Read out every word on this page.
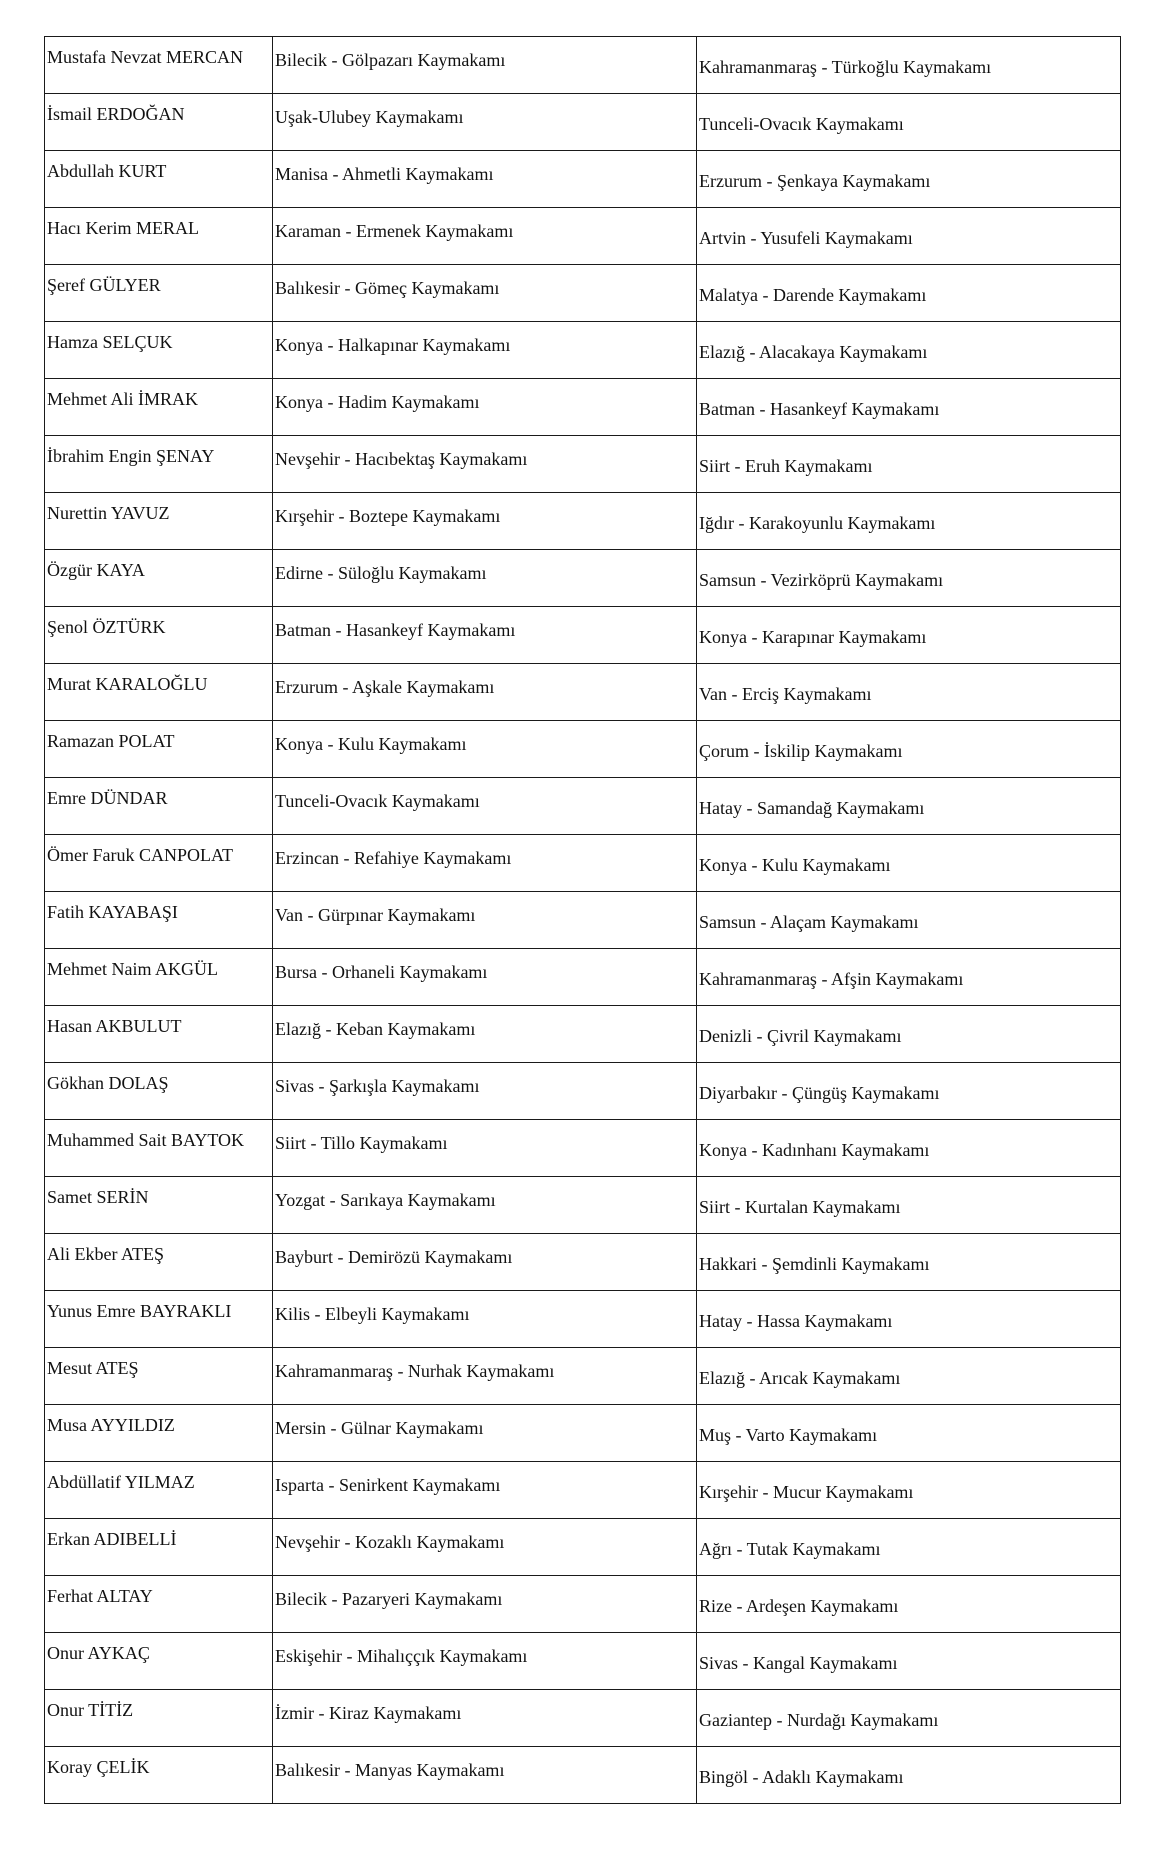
Mustafa Nevzat MERCAN	Bilecik - Gölpazarı Kaymakamı	Kahramanmaraş - Türkoğlu Kaymakamı
İsmail ERDOĞAN	Uşak-Ulubey Kaymakamı	Tunceli-Ovacık Kaymakamı
Abdullah KURT	Manisa - Ahmetli Kaymakamı	Erzurum - Şenkaya Kaymakamı
Hacı Kerim MERAL	Karaman - Ermenek Kaymakamı	Artvin - Yusufeli Kaymakamı
Şeref GÜLYER	Balıkesir - Gömeç Kaymakamı	Malatya - Darende Kaymakamı
Hamza SELÇUK	Konya - Halkapınar Kaymakamı	Elazığ - Alacakaya Kaymakamı
Mehmet Ali İMRAK	Konya - Hadim Kaymakamı	Batman - Hasankeyf Kaymakamı
İbrahim Engin ŞENAY	Nevşehir - Hacıbektaş Kaymakamı	Siirt - Eruh Kaymakamı
Nurettin YAVUZ	Kırşehir - Boztepe Kaymakamı	Iğdır - Karakoyunlu Kaymakamı
Özgür KAYA	Edirne - Süloğlu Kaymakamı	Samsun - Vezirköprü Kaymakamı
Şenol ÖZTÜRK	Batman - Hasankeyf Kaymakamı	Konya - Karapınar Kaymakamı
Murat KARALOĞLU	Erzurum - Aşkale Kaymakamı	Van - Erciş Kaymakamı
Ramazan POLAT	Konya - Kulu Kaymakamı	Çorum - İskilip Kaymakamı
Emre DÜNDAR	Tunceli-Ovacık Kaymakamı	Hatay - Samandağ Kaymakamı
Ömer Faruk CANPOLAT	Erzincan - Refahiye Kaymakamı	Konya - Kulu Kaymakamı
Fatih KAYABAŞI	Van - Gürpınar Kaymakamı	Samsun - Alaçam Kaymakamı
Mehmet Naim AKGÜL	Bursa - Orhaneli Kaymakamı	Kahramanmaraş - Afşin Kaymakamı
Hasan AKBULUT	Elazığ - Keban Kaymakamı	Denizli - Çivril Kaymakamı
Gökhan DOLAŞ	Sivas - Şarkışla Kaymakamı	Diyarbakır - Çüngüş Kaymakamı
Muhammed Sait BAYTOK	Siirt - Tillo Kaymakamı	Konya - Kadınhanı Kaymakamı
Samet SERİN	Yozgat - Sarıkaya Kaymakamı	Siirt - Kurtalan Kaymakamı
Ali Ekber ATEŞ	Bayburt - Demirözü Kaymakamı	Hakkari - Şemdinli Kaymakamı
Yunus Emre BAYRAKLI	Kilis - Elbeyli Kaymakamı	Hatay - Hassa Kaymakamı
Mesut ATEŞ	Kahramanmaraş - Nurhak Kaymakamı	Elazığ - Arıcak Kaymakamı
Musa AYYILDIZ	Mersin - Gülnar Kaymakamı	Muş - Varto Kaymakamı
Abdüllatif YILMAZ	Isparta - Senirkent Kaymakamı	Kırşehir - Mucur Kaymakamı
Erkan ADIBELLİ	Nevşehir - Kozaklı Kaymakamı	Ağrı - Tutak Kaymakamı
Ferhat ALTAY	Bilecik - Pazaryeri Kaymakamı	Rize - Ardeşen Kaymakamı
Onur AYKAÇ	Eskişehir - Mihalıççık Kaymakamı	Sivas - Kangal Kaymakamı
Onur TİTİZ	İzmir - Kiraz Kaymakamı	Gaziantep - Nurdağı Kaymakamı
Koray ÇELİK	Balıkesir - Manyas Kaymakamı	Bingöl - Adaklı Kaymakamı
